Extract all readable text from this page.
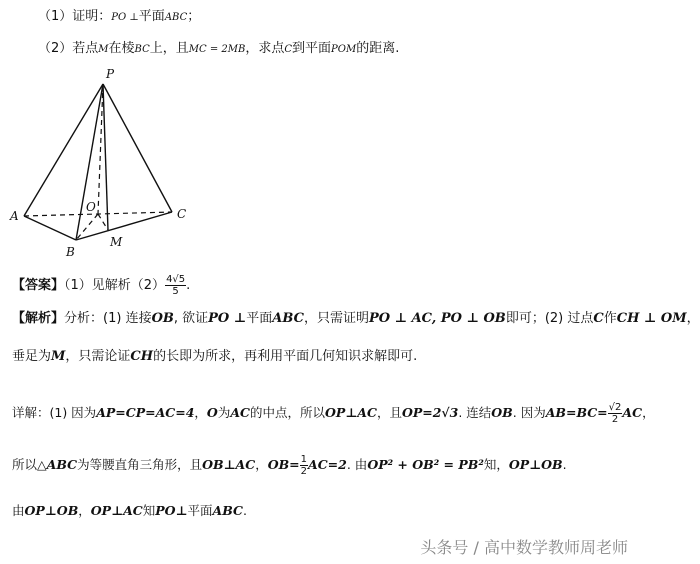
（1）证明：PO ⊥平面ABC；
（2）若点M在棱BC上，且MC = 2MB，求点C到平面POM的距离.
P
A
B
C
O
M
【答案】（1）见解析$(2) \frac{4√5}{5}$ .
【解析】分析：(1) 连接OB, 欲证PO ⊥平面ABC，只需证明PO ⊥ AC, PO ⊥ OB即可；(2) 过点C作CH ⊥ OM，
垂足为M，只需论证CH的长即为所求，再利用平面几何知识求解即可.
详解：(1) 因为AP=CP=AC=4，O为AC的中点，所以OP⊥AC，且OP=2√3. 连结OB. 因为$AB=BC= \frac{√2}{2}$ AC，
所以△ABC为等腰直角三角形，且OB⊥AC，$OB= \frac{1}{2} AC=2$. 由OP² + OB² = PB²知，OP⊥OB.
由OP⊥OB，OP⊥AC知PO⊥平面ABC.
头条号 / 高中数学教师周老师
